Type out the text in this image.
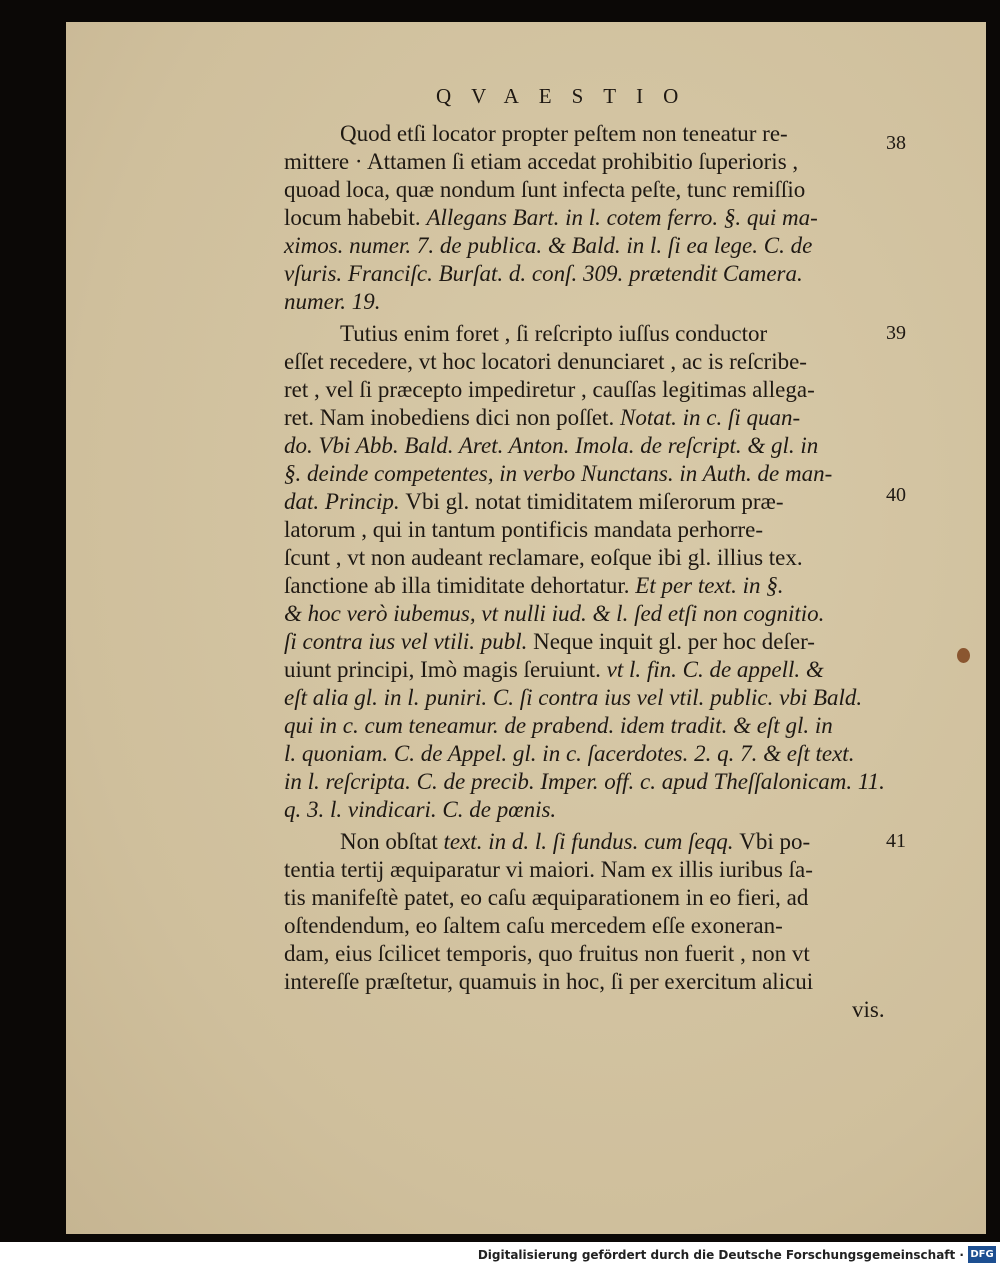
QVAESTIO
Quod etſi locator propter peſtem non teneatur re-
mittere · Attamen ſi etiam accedat prohibitio ſuperioris ,
quoad loca, quæ nondum ſunt infecta peſte, tunc remiſſio
locum habebit. Allegans Bart. in l. cotem ferro. §. qui ma-
ximos. numer. 7. de publica. & Bald. in l. ſi ea lege. C. de
vſuris. Franciſc. Burſat. d. conſ. 309. prætendit Camera.
numer. 19.
Tutius enim foret , ſi reſcripto iuſſus conductor
eſſet recedere, vt hoc locatori denunciaret , ac is reſcribe-
ret , vel ſi præcepto impediretur , cauſſas legitimas allega-
ret. Nam inobediens dici non poſſet. Notat. in c. ſi quan-
do. Vbi Abb. Bald. Aret. Anton. Imola. de reſcript. & gl. in
§. deinde competentes, in verbo Nunctans. in Auth. de man-
dat. Princip. Vbi gl. notat timiditatem miſerorum præ-
latorum , qui in tantum pontificis mandata perhorre-
ſcunt , vt non audeant reclamare, eoſque ibi gl. illius tex.
ſanctione ab illa timiditate dehortatur. Et per text. in §.
& hoc verò iubemus, vt nulli iud. & l. ſed etſi non cognitio.
ſi contra ius vel vtili. publ. Neque inquit gl. per hoc deſer-
uiunt principi, Imò magis ſeruiunt. vt l. fin. C. de appell. &
eſt alia gl. in l. puniri. C. ſi contra ius vel vtil. public. vbi Bald.
qui in c. cum teneamur. de prabend. idem tradit. & eſt gl. in
l. quoniam. C. de Appel. gl. in c. ſacerdotes. 2. q. 7. & eſt text.
in l. reſcripta. C. de precib. Imper. off. c. apud Theſſalonicam. 11.
q. 3. l. vindicari. C. de pœnis.
Non obſtat text. in d. l. ſi fundus. cum ſeqq. Vbi po-
tentia tertij æquiparatur vi maiori. Nam ex illis iuribus ſa-
tis manifeſtè patet, eo caſu æquiparationem in eo fieri, ad
oſtendendum, eo ſaltem caſu mercedem eſſe exoneran-
dam, eius ſcilicet temporis, quo fruitus non fuerit , non vt
intereſſe præſtetur, quamuis in hoc, ſi per exercitum alicui
vis.
38
39
40
41
Digitalisierung gefördert durch die Deutsche Forschungsgemeinschaft · DFG
